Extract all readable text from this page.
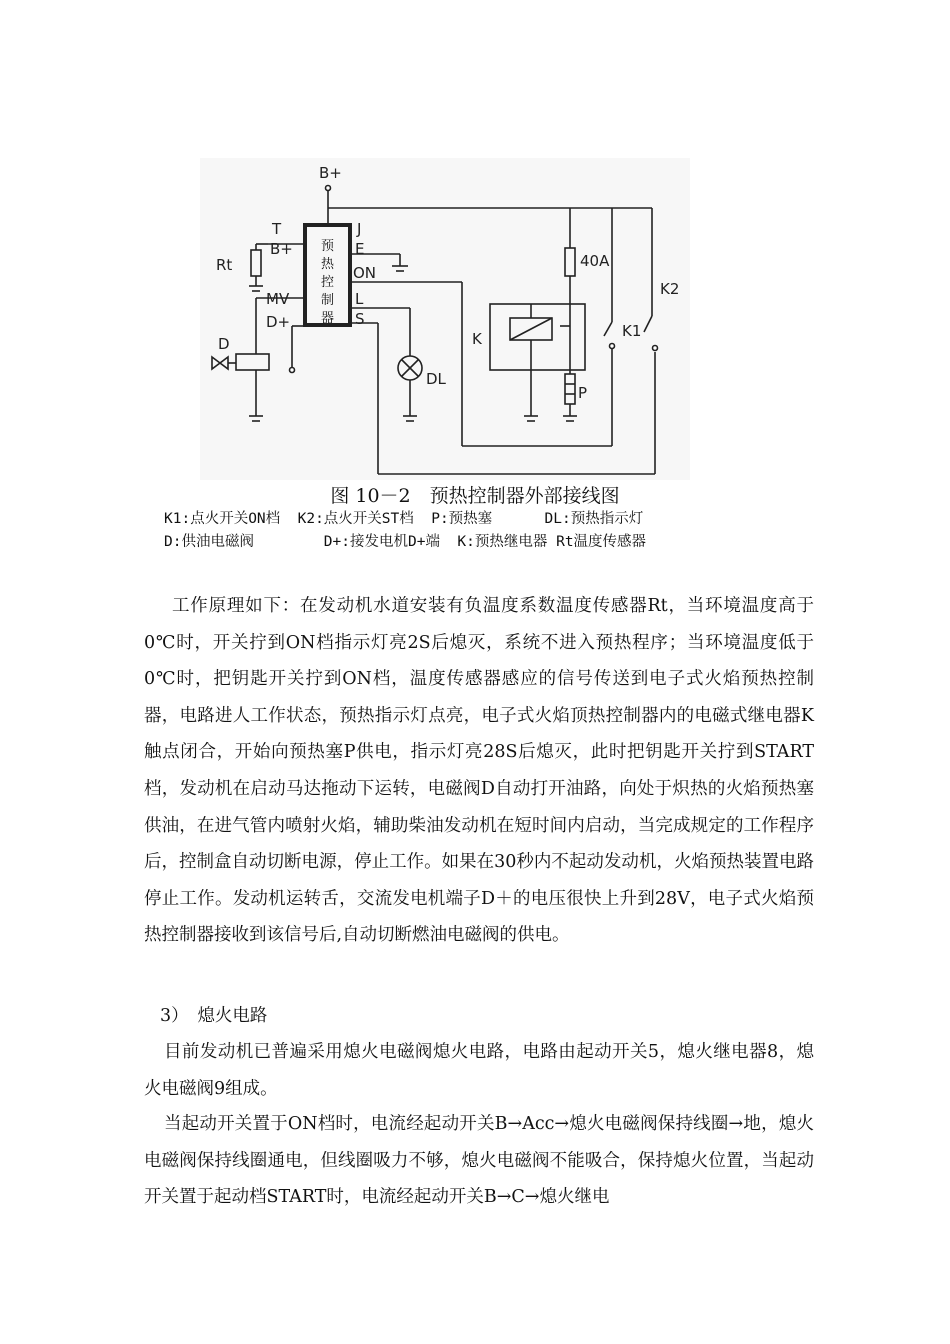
B+
T
B+
MV
D+
Rt
D
J
E
ON
L
S
预
热
控
制
器
40A
K
P
DL
K1
K2
图 10－2　预热控制器外部接线图
K1:点火开关ON档  K2:点火开关ST档  P:预热塞      DL:预热指示灯
D:供油电磁阀        D+:接发电机D+端  K:预热继电器 Rt温度传感器
工作原理如下：在发动机水道安装有负温度系数温度传感器Rt，当环境温度高于0℃时，开关拧到ON档指示灯亮2S后熄灭，系统不进入预热程序；当环境温度低于0℃时，把钥匙开关拧到ON档，温度传感器感应的信号传送到电子式火焰预热控制器，电路进人工作状态，预热指示灯点亮，电子式火焰顶热控制器内的电磁式继电器K触点闭合，开始向预热塞P供电，指示灯亮28S后熄灭，此时把钥匙开关拧到START档，发动机在启动马达拖动下运转，电磁阀D自动打开油路，向处于炽热的火焰预热塞供油，在进气管内喷射火焰，辅助柴油发动机在短时间内启动，当完成规定的工作程序后，控制盒自动切断电源，停止工作。如果在30秒内不起动发动机，火焰预热装置电路停止工作。发动机运转舌，交流发电机端子D＋的电压很快上升到28V，电子式火焰预热控制器接收到该信号后,自动切断燃油电磁阀的供电。
3）　熄火电路
目前发动机已普遍采用熄火电磁阀熄火电路，电路由起动开关5，熄火继电器8，熄火电磁阀9组成。
当起动开关置于ON档时，电流经起动开关B→Acc→熄火电磁阀保持线圈→地，熄火电磁阀保持线圈通电，但线圈吸力不够，熄火电磁阀不能吸合，保持熄火位置，当起动开关置于起动档START时，电流经起动开关B→C→熄火继电
